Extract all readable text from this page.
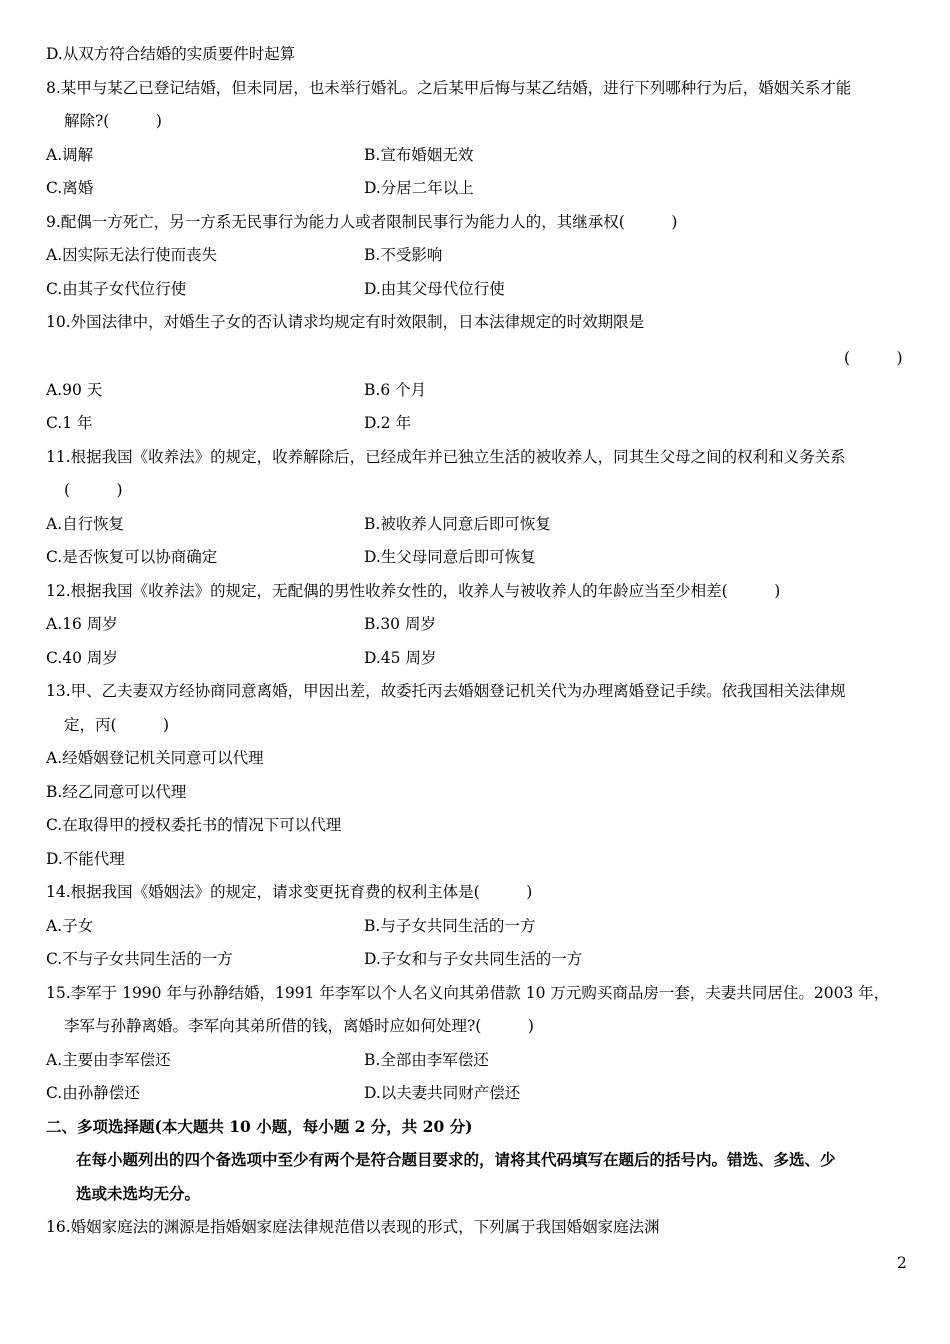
D.从双方符合结婚的实质要件时起算
8.某甲与某乙已登记结婚，但未同居，也未举行婚礼。之后某甲后悔与某乙结婚，进行下列哪种行为后，婚姻关系才能
解除?(　　　)
A.调解	B.宣布婚姻无效
C.离婚	D.分居二年以上
9.配偶一方死亡，另一方系无民事行为能力人或者限制民事行为能力人的，其继承权(　　　)
A.因实际无法行使而丧失	B.不受影响
C.由其子女代位行使	D.由其父母代位行使
10.外国法律中，对婚生子女的否认请求均规定有时效限制，日本法律规定的时效期限是
(　　　)
A.90 天	B.6 个月
C.1 年	D.2 年
11.根据我国《收养法》的规定，收养解除后，已经成年并已独立生活的被收养人，同其生父母之间的权利和义务关系
(　　　)
A.自行恢复	B.被收养人同意后即可恢复
C.是否恢复可以协商确定	D.生父母同意后即可恢复
12.根据我国《收养法》的规定，无配偶的男性收养女性的，收养人与被收养人的年龄应当至少相差(　　　)
A.16 周岁	B.30 周岁
C.40 周岁	D.45 周岁
13.甲、乙夫妻双方经协商同意离婚，甲因出差，故委托丙去婚姻登记机关代为办理离婚登记手续。依我国相关法律规
定，丙(　　　)
A.经婚姻登记机关同意可以代理
B.经乙同意可以代理
C.在取得甲的授权委托书的情况下可以代理
D.不能代理
14.根据我国《婚姻法》的规定，请求变更抚育费的权利主体是(　　　)
A.子女	B.与子女共同生活的一方
C.不与子女共同生活的一方	D.子女和与子女共同生活的一方
15.李军于 1990 年与孙静结婚，1991 年李军以个人名义向其弟借款 10 万元购买商品房一套，夫妻共同居住。2003 年，
李军与孙静离婚。李军向其弟所借的钱，离婚时应如何处理?(　　　)
A.主要由李军偿还	B.全部由李军偿还
C.由孙静偿还	D.以夫妻共同财产偿还
二、多项选择题(本大题共 10 小题，每小题 2 分，共 20 分)
在每小题列出的四个备选项中至少有两个是符合题目要求的，请将其代码填写在题后的括号内。错选、多选、少
选或未选均无分。
16.婚姻家庭法的渊源是指婚姻家庭法律规范借以表现的形式，下列属于我国婚姻家庭法渊
2
